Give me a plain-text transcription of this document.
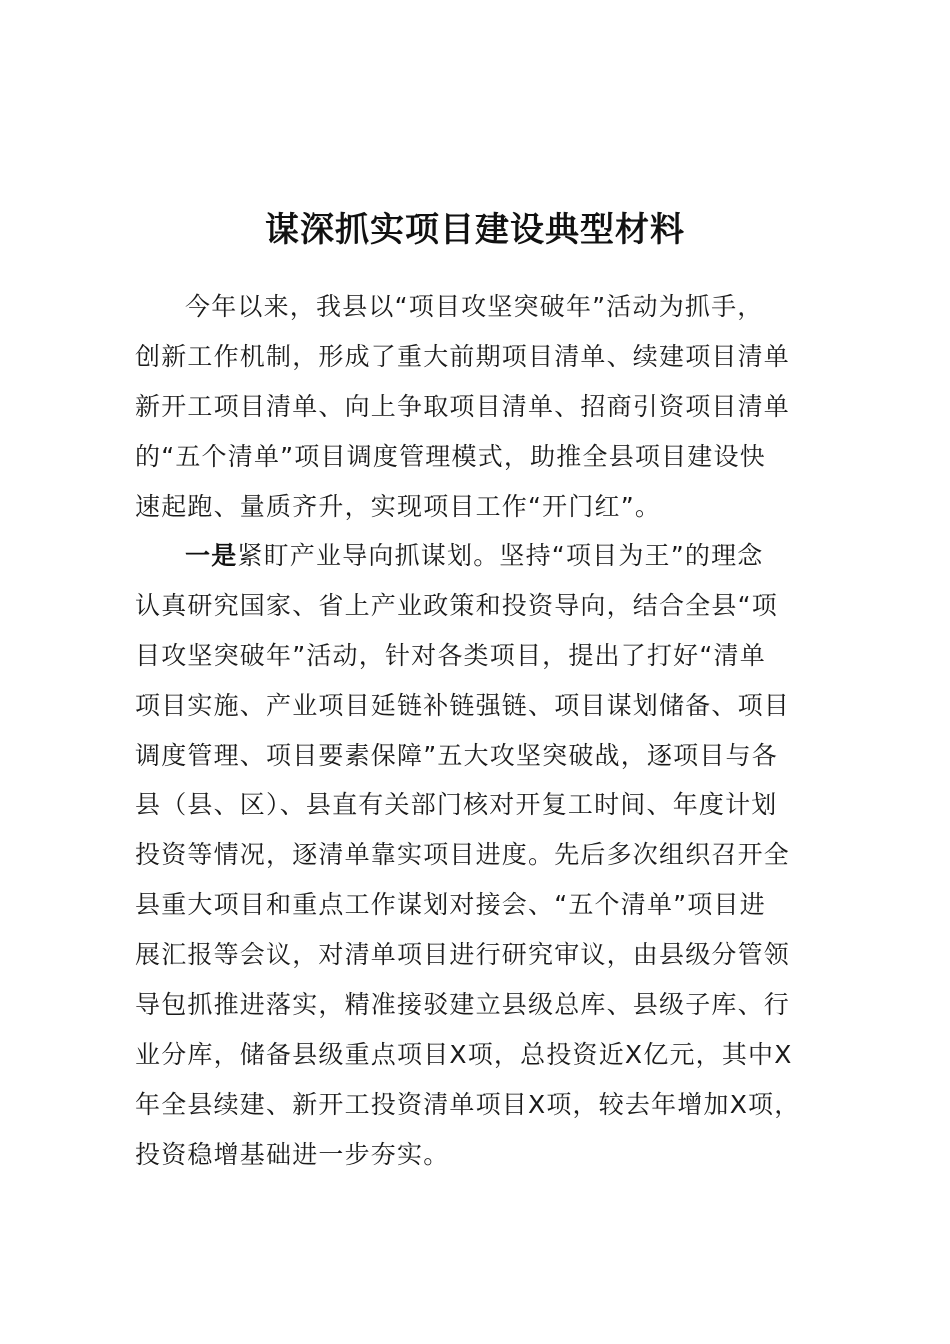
谋深抓实项目建设典型材料
今年以来，我县以“项目攻坚突破年”活动为抓手，
创新工作机制，形成了重大前期项目清单、续建项目清单
新开工项目清单、向上争取项目清单、招商引资项目清单
的“五个清单”项目调度管理模式，助推全县项目建设快
速起跑、量质齐升，实现项目工作“开门红”。
一是紧盯产业导向抓谋划。坚持“项目为王”的理念
认真研究国家、省上产业政策和投资导向，结合全县“项
目攻坚突破年”活动，针对各类项目，提出了打好“清单
项目实施、产业项目延链补链强链、项目谋划储备、项目
调度管理、项目要素保障”五大攻坚突破战，逐项目与各
县（县、区）、县直有关部门核对开复工时间、年度计划
投资等情况，逐清单靠实项目进度。先后多次组织召开全
县重大项目和重点工作谋划对接会、“五个清单”项目进
展汇报等会议，对清单项目进行研究审议，由县级分管领
导包抓推进落实，精准接驳建立县级总库、县级子库、行
业分库，储备县级重点项目X项，总投资近X亿元，其中X
年全县续建、新开工投资清单项目X项，较去年增加X项，
投资稳增基础进一步夯实。
